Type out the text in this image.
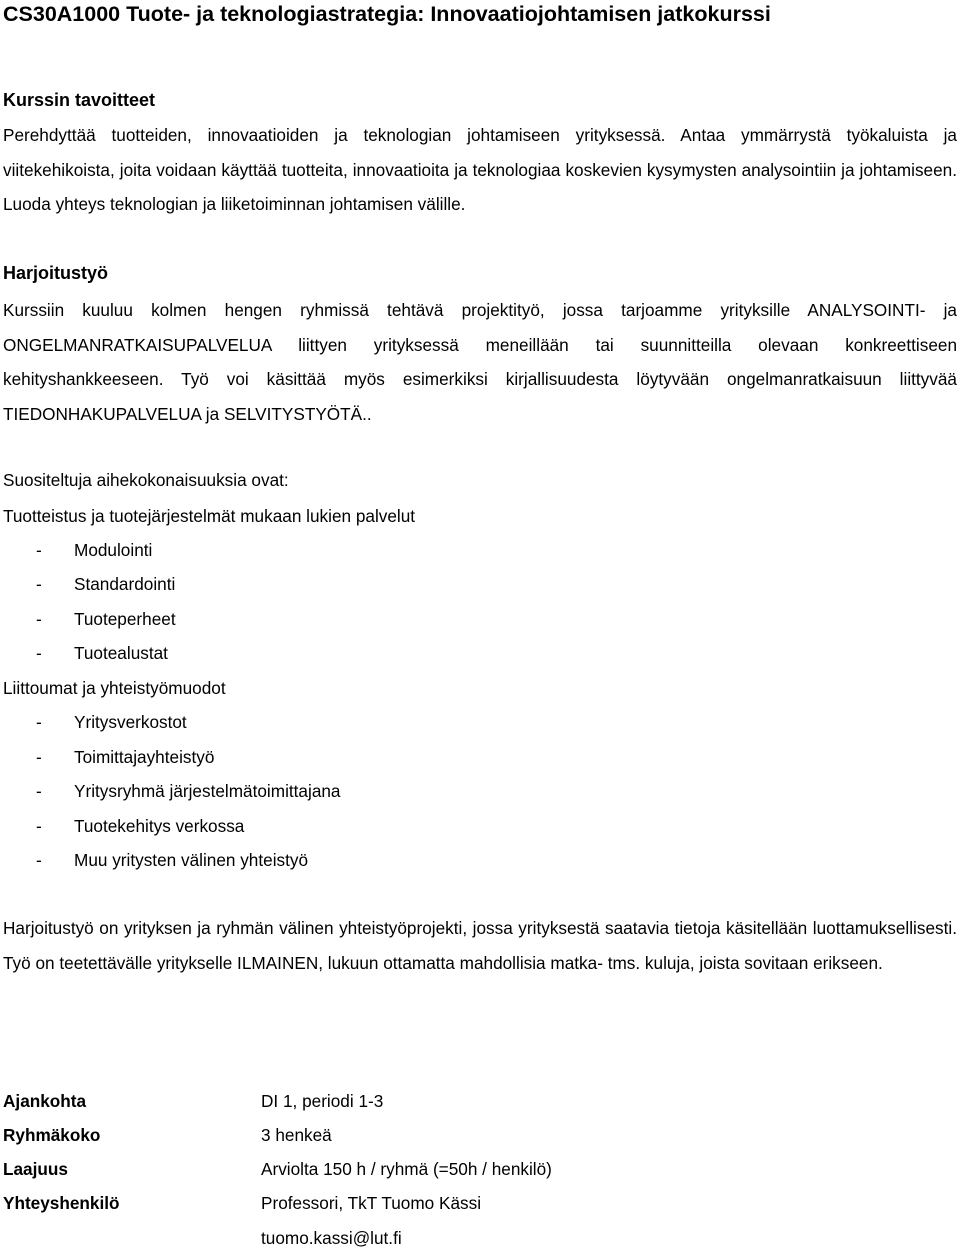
CS30A1000 Tuote- ja teknologiastrategia: Innovaatiojohtamisen jatkokurssi
Kurssin tavoitteet

Perehdyttää tuotteiden, innovaatioiden ja teknologian johtamiseen yrityksessä. Antaa ymmärrystä työkaluista ja viitekehikoista, joita voidaan käyttää tuotteita, innovaatioita ja teknologiaa koskevien kysymysten analysointiin ja johtamiseen. Luoda yhteys teknologian ja liiketoiminnan johtamisen välille.

Harjoitustyö

Kurssiin kuuluu kolmen hengen ryhmissä tehtävä projektityö, jossa tarjoamme yrityksille ANALYSOINTI- ja ONGELMANRATKAISUPALVELUA liittyen yrityksessä meneillään tai suunnitteilla olevaan konkreettiseen kehityshankkeeseen. Työ voi käsittää myös esimerkiksi kirjallisuudesta löytyvään ongelmanratkaisuun liittyvää TIEDONHAKUPALVELUA ja SELVITYSTYÖTÄ..

Suositeltuja aihekokonaisuuksia ovat:

Tuotteistus ja tuotejärjestelmät mukaan lukien palvelut

- Modulointi
- Standardointi
- Tuoteperheet
- Tuotealustat

Liittoumat ja yhteistyömuodot

- Yritysverkostot
- Toimittajayhteistyö
- Yritysryhmä järjestelmätoimittajana
- Tuotekehitys verkossa
- Muu yritysten välinen yhteistyö

Harjoitustyö on yrityksen ja ryhmän välinen yhteistyöprojekti, jossa yrityksestä saatavia tietoja käsitellään luottamuksellisesti. Työ on teetettävälle yritykselle ILMAINEN, lukuun ottamatta mahdollisia matka- tms. kuluja, joista sovitaan erikseen.

Ajankohta	DI 1, periodi 1-3

Ryhmäkoko	3 henkeä

Laajuus	Arviolta 150 h / ryhmä (=50h / henkilö)

Yhteyshenkilö	Professori, TkT Tuomo Kässi

tuomo.kassi@lut.fi
